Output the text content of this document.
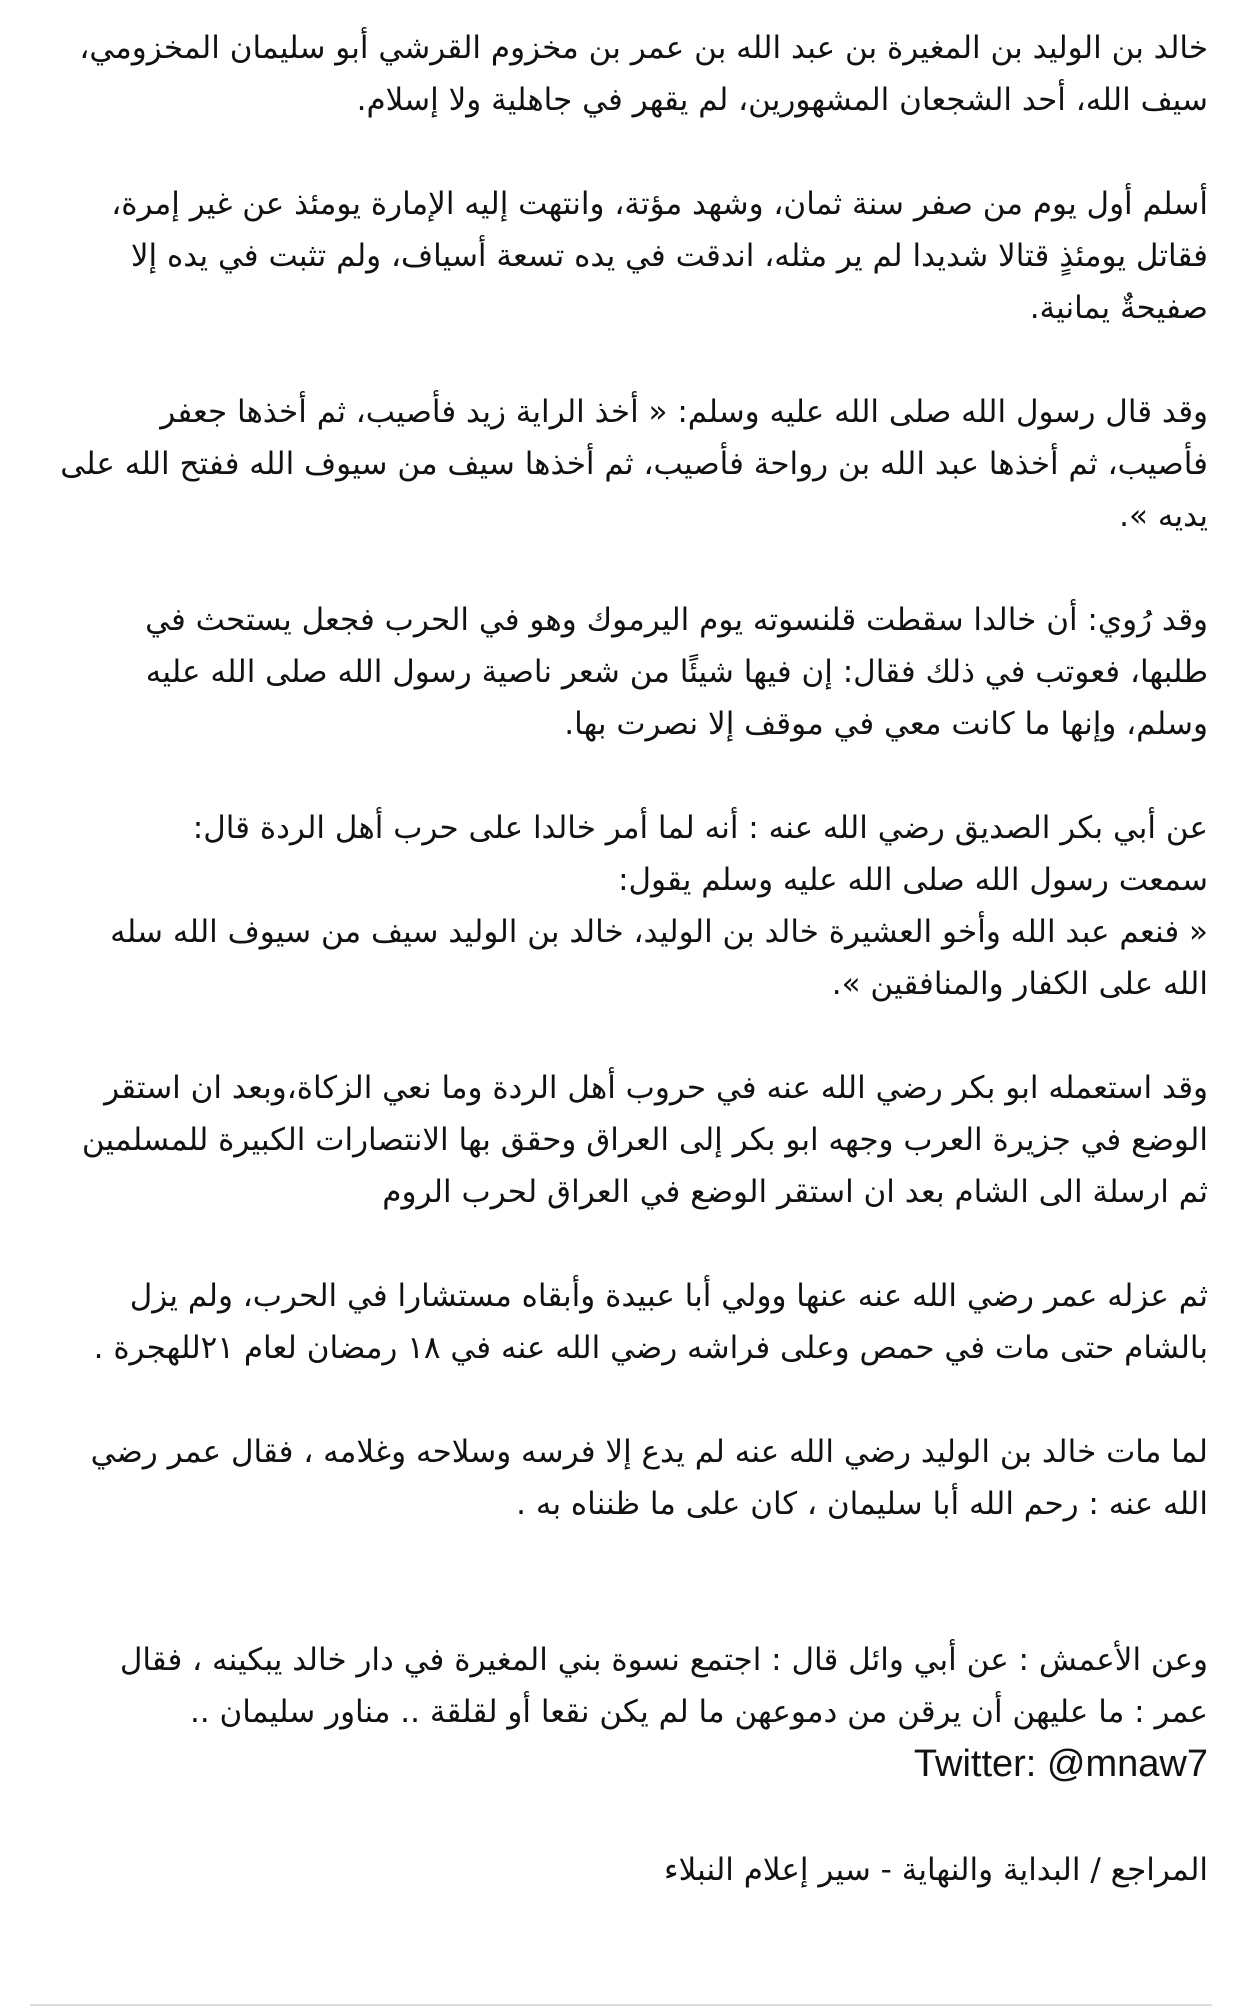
خالد بن الوليد بن المغيرة بن عبد الله بن عمر بن مخزوم القرشي أبو سليمان المخزومي، سيف الله، أحد الشجعان المشهورين، لم يقهر في جاهلية ولا إسلام.

أسلم أول يوم من صفر سنة ثمان، وشهد مؤتة، وانتهت إليه الإمارة يومئذ عن غير إمرة، فقاتل يومئذٍ قتالا شديدا لم ير مثله، اندقت في يده تسعة أسياف، ولم تثبت في يده إلا صفيحةٌ يمانية.

وقد قال رسول الله صلى الله عليه وسلم: « أخذ الراية زيد فأصيب، ثم أخذها جعفر فأصيب، ثم أخذها عبد الله بن رواحة فأصيب، ثم أخذها سيف من سيوف الله ففتح الله على يديه ».

وقد رُوي: أن خالدا سقطت قلنسوته يوم اليرموك وهو في الحرب فجعل يستحث في طلبها، فعوتب في ذلك فقال: إن فيها شيئًا من شعر ناصية رسول الله صلى الله عليه وسلم، وإنها ما كانت معي في موقف إلا نصرت بها.

عن أبي بكر الصديق رضي الله عنه : أنه لما أمر خالدا على حرب أهل الردة قال:
سمعت رسول الله صلى الله عليه وسلم يقول:
« فنعم عبد الله وأخو العشيرة خالد بن الوليد، خالد بن الوليد سيف من سيوف الله سله الله على الكفار والمنافقين ».

وقد استعمله ابو بكر رضي الله عنه في حروب أهل الردة وما نعي الزكاة،وبعد ان استقر الوضع في جزيرة العرب وجهه ابو بكر إلى العراق وحقق بها الانتصارات الكبيرة للمسلمين ثم ارسلة الى الشام بعد ان استقر الوضع في العراق لحرب الروم

ثم عزله عمر رضي الله عنه عنها وولي أبا عبيدة وأبقاه مستشارا في الحرب، ولم يزل بالشام حتى مات في حمص وعلى فراشه رضي الله عنه في ١٨ رمضان لعام ٢١للهجرة .

لما مات خالد بن الوليد رضي الله عنه لم يدع إلا فرسه وسلاحه وغلامه ، فقال عمر رضي الله عنه : رحم الله أبا سليمان ، كان على ما ظنناه به .

وعن الأعمش : عن أبي وائل قال : اجتمع نسوة بني المغيرة في دار خالد يبكينه ، فقال عمر : ما عليهن أن يرقن من دموعهن ما لم يكن نقعا أو لقلقة .. مناور سليمان ..
Twitter: @mnaw7

المراجع / البداية والنهاية - سير إعلام النبلاء
